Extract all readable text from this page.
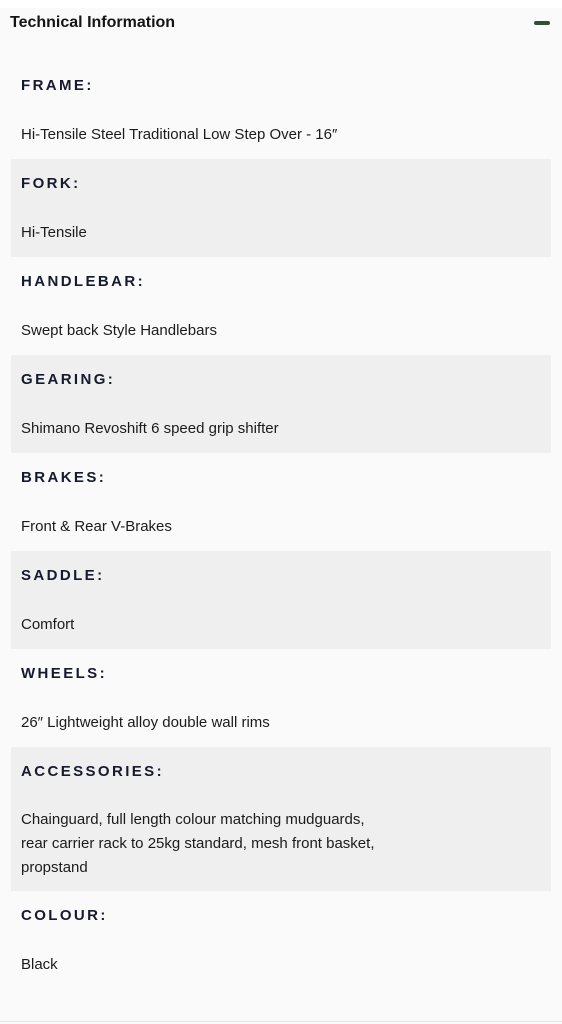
Technical Information
FRAME:
Hi-Tensile Steel Traditional Low Step Over - 16″
FORK:
Hi-Tensile
HANDLEBAR:
Swept back Style Handlebars
GEARING:
Shimano Revoshift 6 speed grip shifter
BRAKES:
Front & Rear V-Brakes
SADDLE:
Comfort
WHEELS:
26″ Lightweight alloy double wall rims
ACCESSORIES:
Chainguard, full length colour matching mudguards,
rear carrier rack to 25kg standard, mesh front basket,
propstand
COLOUR:
Black
